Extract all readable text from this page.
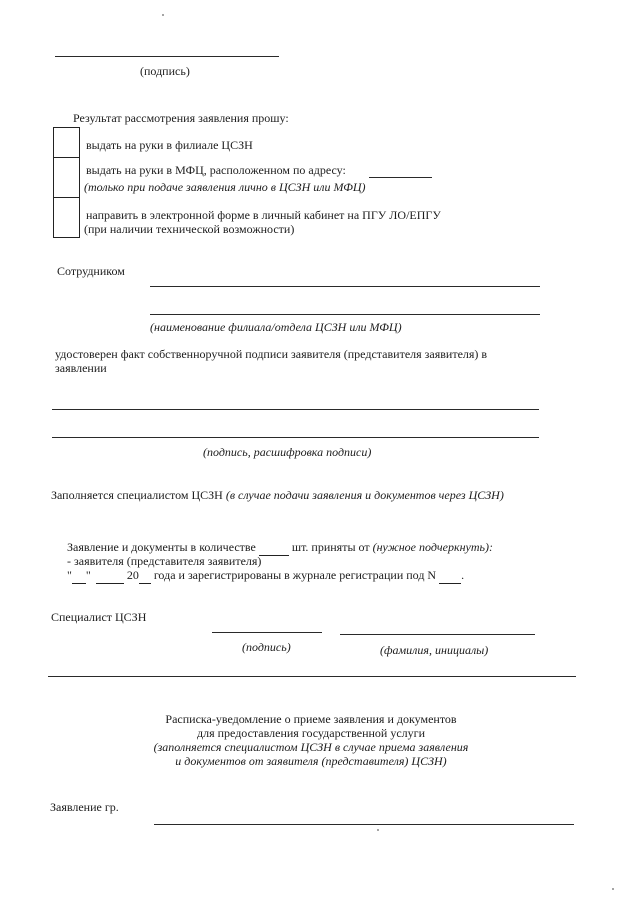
(подпись)
Результат рассмотрения заявления прошу:
выдать на руки в филиале ЦСЗН
выдать на руки в МФЦ, расположенном по адресу:
(только при подаче заявления лично в ЦСЗН или МФЦ)
направить в электронной форме в личный кабинет на ПГУ ЛО/ЕПГУ
(при наличии технической возможности)
Сотрудником
(наименование филиала/отдела ЦСЗН или МФЦ)
удостоверен факт собственноручной подписи заявителя (представителя заявителя) в
заявлении
(подпись, расшифровка подписи)
Заполняется специалистом ЦСЗН (в случае подачи заявления и документов через ЦСЗН)
Заявление и документы в количестве	шт. приняты от (нужное подчеркнуть):
- заявителя (представителя заявителя)
" "	20 года и зарегистрированы в журнале регистрации под N .
Специалист ЦСЗН
(подпись)	(фамилия, инициалы)
Расписка-уведомление о приеме заявления и документов
для предоставления государственной услуги
(заполняется специалистом ЦСЗН в случае приема заявления
и документов от заявителя (представителя) ЦСЗН)
Заявление гр.
